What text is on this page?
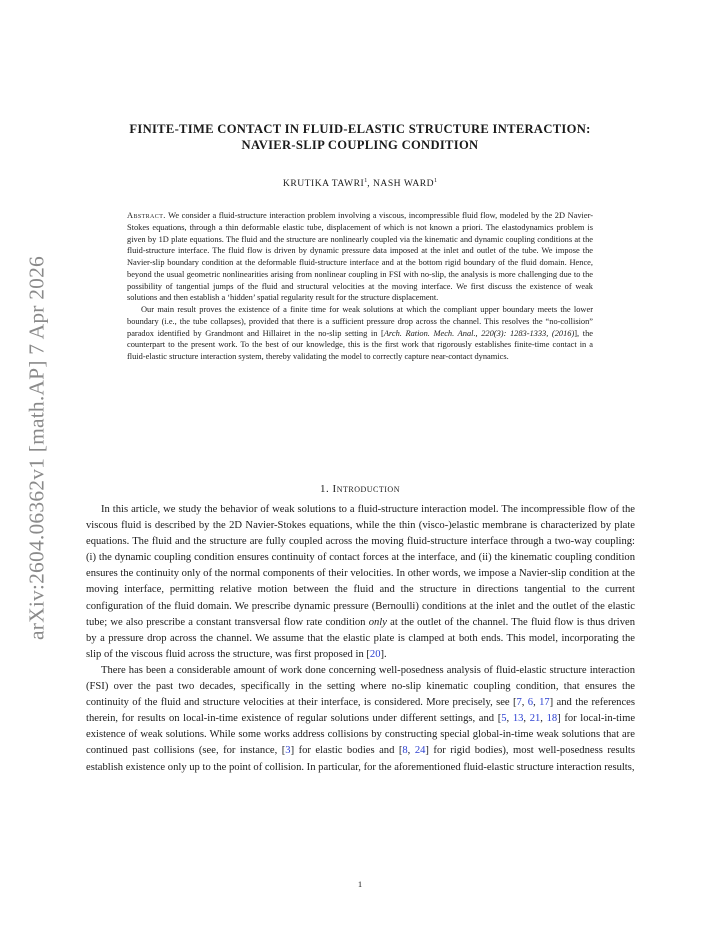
arXiv:2604.06362v1 [math.AP] 7 Apr 2026
FINITE-TIME CONTACT IN FLUID-ELASTIC STRUCTURE INTERACTION:
NAVIER-SLIP COUPLING CONDITION
KRUTIKA TAWRI$^1$, NASH WARD$^1$

Abstract. We consider a fluid-structure interaction problem involving a viscous, incompressible fluid flow, modeled by the 2D Navier-Stokes equations, through a thin deformable elastic tube, displacement of which is not known a priori. The elastodynamics problem is given by 1D plate equations. The fluid and the structure are nonlinearly coupled via the kinematic and dynamic coupling conditions at the fluid-structure interface. The fluid flow is driven by dynamic pressure data imposed at the inlet and outlet of the tube. We impose the Navier-slip boundary condition at the deformable fluid-structure interface and at the bottom rigid boundary of the fluid domain. Hence, beyond the usual geometric nonlinearities arising from nonlinear coupling in FSI with no-slip, the analysis is more challenging due to the possibility of tangential jumps of the fluid and structural velocities at the moving interface. We first discuss the existence of weak solutions and then establish a ‘hidden’ spatial regularity result for the structure displacement.

Our main result proves the existence of a finite time for weak solutions at which the compliant upper boundary meets the lower boundary (i.e., the tube collapses), provided that there is a sufficient pressure drop across the channel. This resolves the “no-collision” paradox identified by Grandmont and Hillairet in the no-slip setting in [Arch. Ration. Mech. Anal., 220(3): 1283-1333, (2016)], the counterpart to the present work. To the best of our knowledge, this is the first work that rigorously establishes finite-time contact in a fluid-elastic structure interaction system, thereby validating the model to correctly capture near-contact dynamics.

1. Introduction

In this article, we study the behavior of weak solutions to a fluid-structure interaction model. The incompressible flow of the viscous fluid is described by the 2D Navier-Stokes equations, while the thin (visco-)elastic membrane is characterized by plate equations. The fluid and the structure are fully coupled across the moving fluid-structure interface through a two-way coupling: (i) the dynamic coupling condition ensures continuity of contact forces at the interface, and (ii) the kinematic coupling condition ensures the continuity only of the normal components of their velocities. In other words, we impose a Navier-slip condition at the moving interface, permitting relative motion between the fluid and the structure in directions tangential to the current configuration of the fluid domain. We prescribe dynamic pressure (Bernoulli) conditions at the inlet and the outlet of the elastic tube; we also prescribe a constant transversal flow rate condition only at the outlet of the channel. The fluid flow is thus driven by a pressure drop across the channel. We assume that the elastic plate is clamped at both ends. This model, incorporating the slip of the viscous fluid across the structure, was first proposed in [20].

There has been a considerable amount of work done concerning well-posedness analysis of fluid-elastic structure interaction (FSI) over the past two decades, specifically in the setting where no-slip kinematic coupling condition, that ensures the continuity of the fluid and structure velocities at their interface, is considered. More precisely, see [7, 6, 17] and the references therein, for results on local-in-time existence of regular solutions under different settings, and [5, 13, 21, 18] for local-in-time existence of weak solutions. While some works address collisions by constructing special global-in-time weak solutions that are continued past collisions (see, for instance, [3] for elastic bodies and [8, 24] for rigid bodies), most well-posedness results establish existence only up to the point of collision. In particular, for the aforementioned fluid-elastic structure interaction results,

1
